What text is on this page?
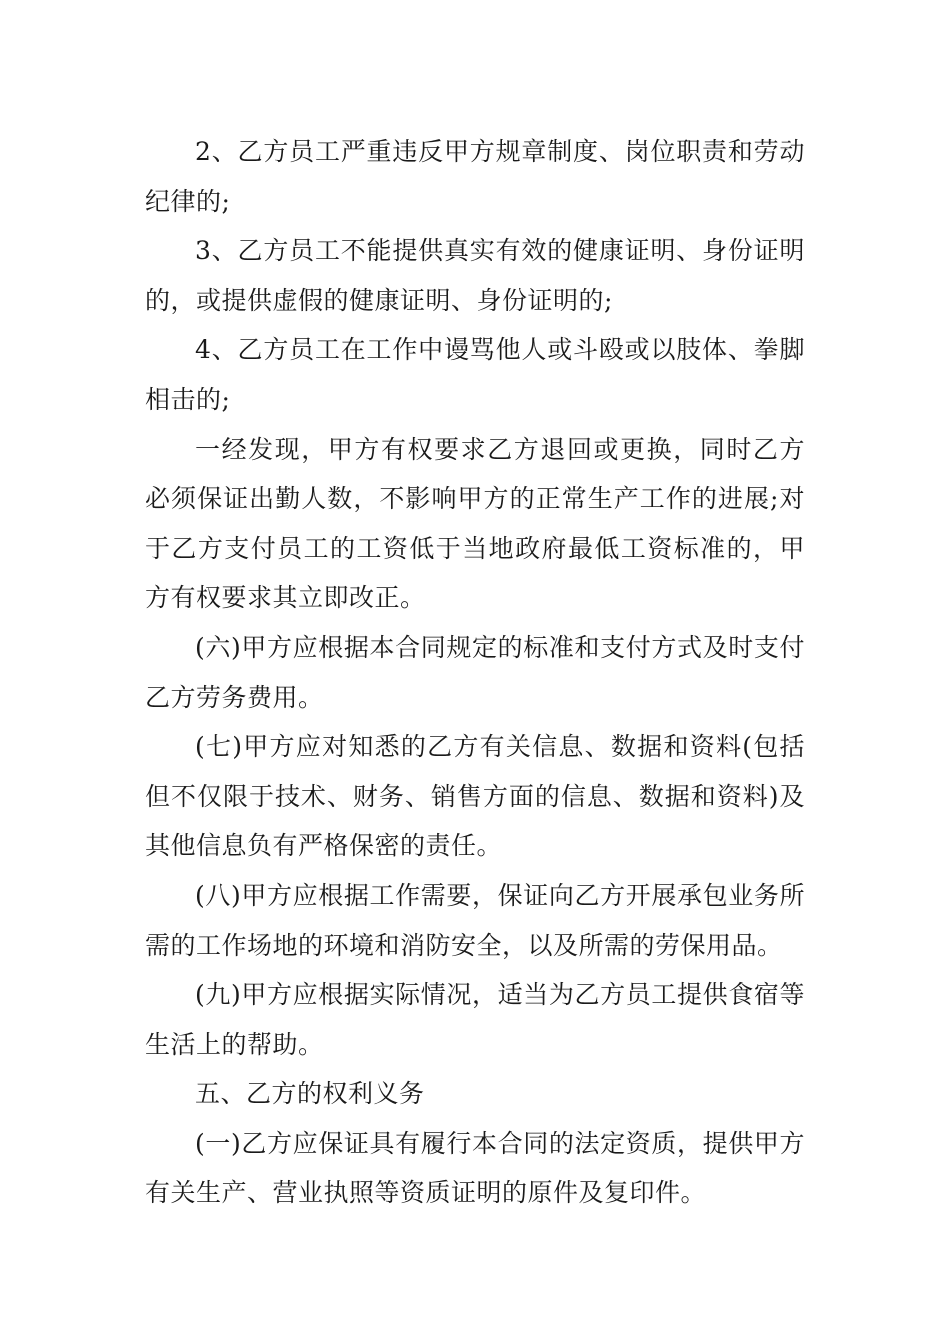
2、乙方员工严重违反甲方规章制度、岗位职责和劳动纪律的;

3、乙方员工不能提供真实有效的健康证明、身份证明的，或提供虚假的健康证明、身份证明的;

4、乙方员工在工作中谩骂他人或斗殴或以肢体、拳脚相击的;

一经发现，甲方有权要求乙方退回或更换，同时乙方必须保证出勤人数，不影响甲方的正常生产工作的进展;对于乙方支付员工的工资低于当地政府最低工资标准的，甲方有权要求其立即改正。

(六)甲方应根据本合同规定的标准和支付方式及时支付乙方劳务费用。

(七)甲方应对知悉的乙方有关信息、数据和资料(包括但不仅限于技术、财务、销售方面的信息、数据和资料)及其他信息负有严格保密的责任。

(八)甲方应根据工作需要，保证向乙方开展承包业务所需的工作场地的环境和消防安全，以及所需的劳保用品。

(九)甲方应根据实际情况，适当为乙方员工提供食宿等生活上的帮助。

五、乙方的权利义务

(一)乙方应保证具有履行本合同的法定资质，提供甲方有关生产、营业执照等资质证明的原件及复印件。
